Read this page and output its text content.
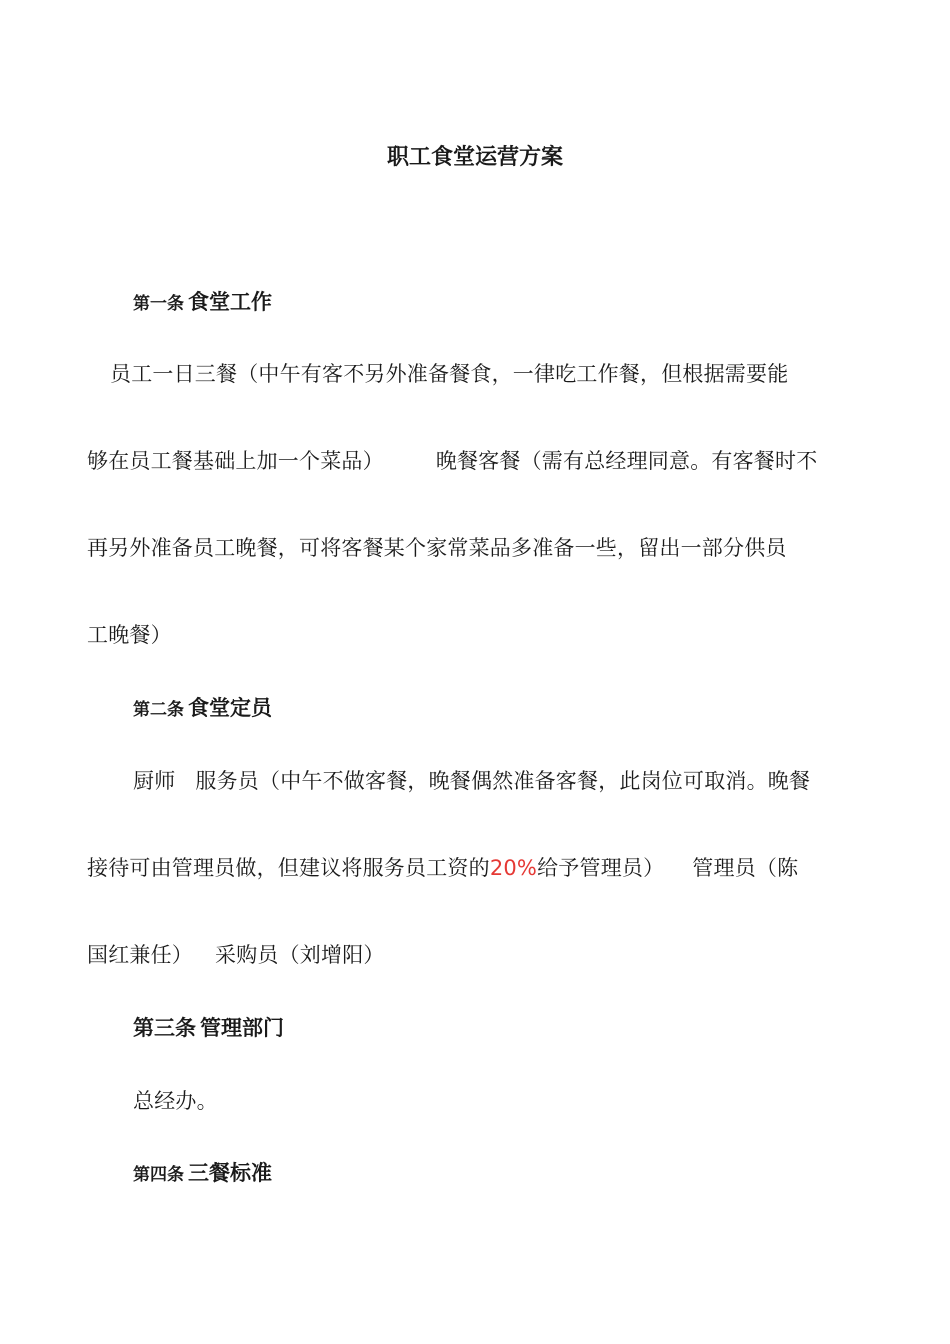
职工食堂运营方案
第一条 食堂工作
员工一日三餐（中午有客不另外准备餐食，一律吃工作餐，但根据需要能
够在员工餐基础上加一个菜品） 晚餐客餐（需有总经理同意。有客餐时不
再另外准备员工晚餐，可将客餐某个家常菜品多准备一些，留出一部分供员
工晚餐）
第二条 食堂定员
厨师 服务员（中午不做客餐，晚餐偶然准备客餐，此岗位可取消。晚餐
接待可由管理员做，但建议将服务员工资的20%给予管理员） 管理员（陈
国红兼任） 采购员（刘增阳）
第三条 管理部门
总经办。
第四条 三餐标准
